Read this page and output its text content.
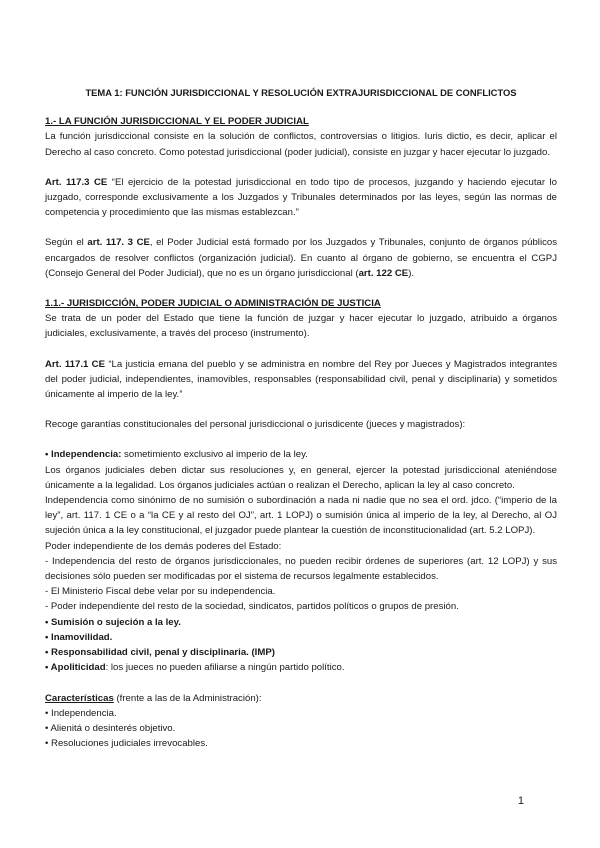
TEMA 1: FUNCIÓN JURISDICCIONAL Y RESOLUCIÓN EXTRAJURISDICCIONAL DE CONFLICTOS

1.- LA FUNCIÓN JURISDICCIONAL Y EL PODER JUDICIAL

La función jurisdiccional consiste en la solución de conflictos, controversias o litigios. Iuris dictio, es decir, aplicar el Derecho al caso concreto. Como potestad jurisdiccional (poder judicial), consiste en juzgar y hacer ejecutar lo juzgado.

Art. 117.3 CE “El ejercicio de la potestad jurisdiccional en todo tipo de procesos, juzgando y haciendo ejecutar lo juzgado, corresponde exclusivamente a los Juzgados y Tribunales determinados por las leyes, según las normas de competencia y procedimiento que las mismas establezcan.”

Según el art. 117. 3 CE, el Poder Judicial está formado por los Juzgados y Tribunales, conjunto de órganos públicos encargados de resolver conflictos (organización judicial). En cuanto al órgano de gobierno, se encuentra el CGPJ (Consejo General del Poder Judicial), que no es un órgano jurisdiccional (art. 122 CE).

1.1.- JURISDICCIÓN, PODER JUDICIAL O ADMINISTRACIÓN DE JUSTICIA

Se trata de un poder del Estado que tiene la función de juzgar y hacer ejecutar lo juzgado, atribuido a órganos judiciales, exclusivamente, a través del proceso (instrumento).

Art. 117.1 CE “La justicia emana del pueblo y se administra en nombre del Rey por Jueces y Magistrados integrantes del poder judicial, independientes, inamovibles, responsables (responsabilidad civil, penal y disciplinaria) y sometidos únicamente al imperio de la ley.”

Recoge garantías constitucionales del personal jurisdiccional o jurisdicente (jueces y magistrados):

• Independencia: sometimiento exclusivo al imperio de la ley.

Los órganos judiciales deben dictar sus resoluciones y, en general, ejercer la potestad jurisdiccional ateniéndose únicamente a la legalidad. Los órganos judiciales actúan o realizan el Derecho, aplican la ley al caso concreto.

Independencia como sinónimo de no sumisión o subordinación a nada ni nadie que no sea el ord. jdco. (“imperio de la ley”, art. 117. 1 CE o a “la CE y al resto del OJ”, art. 1 LOPJ) o sumisión única al imperio de la ley, al Derecho, al OJ sujeción única a la ley constitucional, el juzgador puede plantear la cuestión de inconstitucionalidad (art. 5.2 LOPJ).

Poder independiente de los demás poderes del Estado:

- Independencia del resto de órganos jurisdiccionales, no pueden recibir órdenes de superiores (art. 12 LOPJ) y sus decisiones sólo pueden ser modificadas por el sistema de recursos legalmente establecidos.

- El Ministerio Fiscal debe velar por su independencia.

- Poder independiente del resto de la sociedad, sindicatos, partidos políticos o grupos de presión.

• Sumisión o sujeción a la ley.

• Inamovilidad.

• Responsabilidad civil, penal y disciplinaria. (IMP)

• Apoliticidad: los jueces no pueden afiliarse a ningún partido político.

Características (frente a las de la Administración):

• Independencia.

• Alienitá o desinterés objetivo.

• Resoluciones judiciales irrevocables.

1
